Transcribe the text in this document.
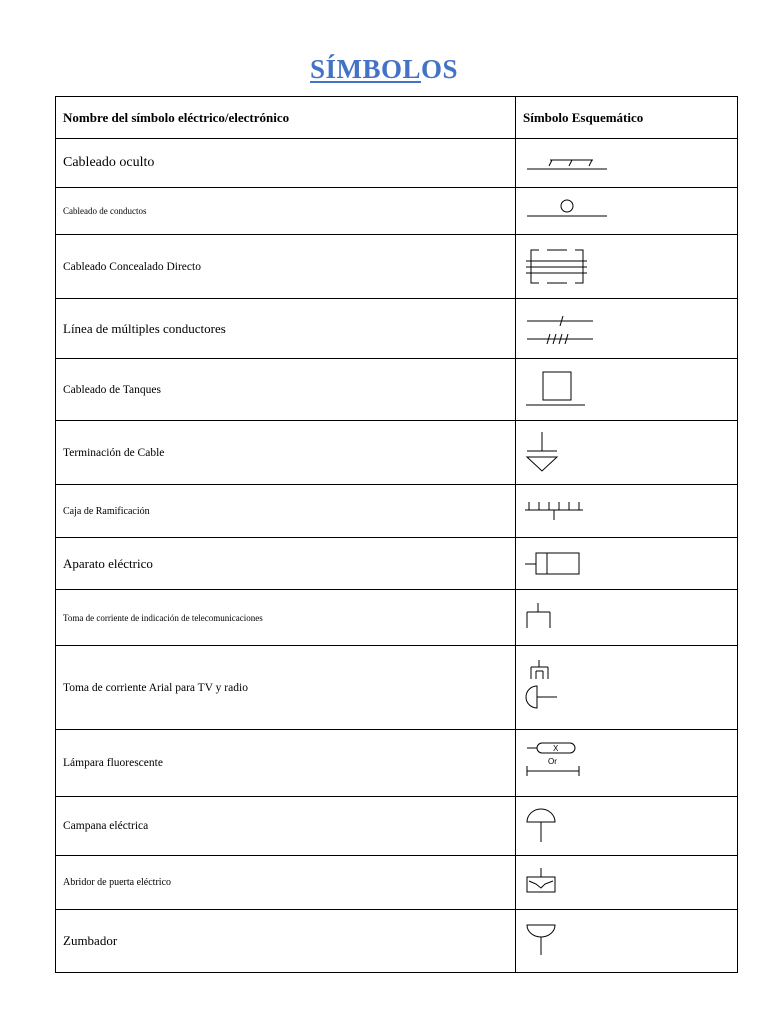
SÍMBOLOS
Nombre del símbolo eléctrico/electrónico	Símbolo Esquemático
Cableado oculto	

Cableado de conductos	

Cableado Concealado Directo	

Línea de múltiples conductores	

Cableado de Tanques	

Terminación de Cable	

Caja de Ramificación	

Aparato eléctrico	

Toma de corriente de indicación de telecomunicaciones	

Toma de corriente Arial para TV y radio	

Lámpara fluorescente	X
Or

Campana eléctrica	

Abridor de puerta eléctrico	

Zumbador	
